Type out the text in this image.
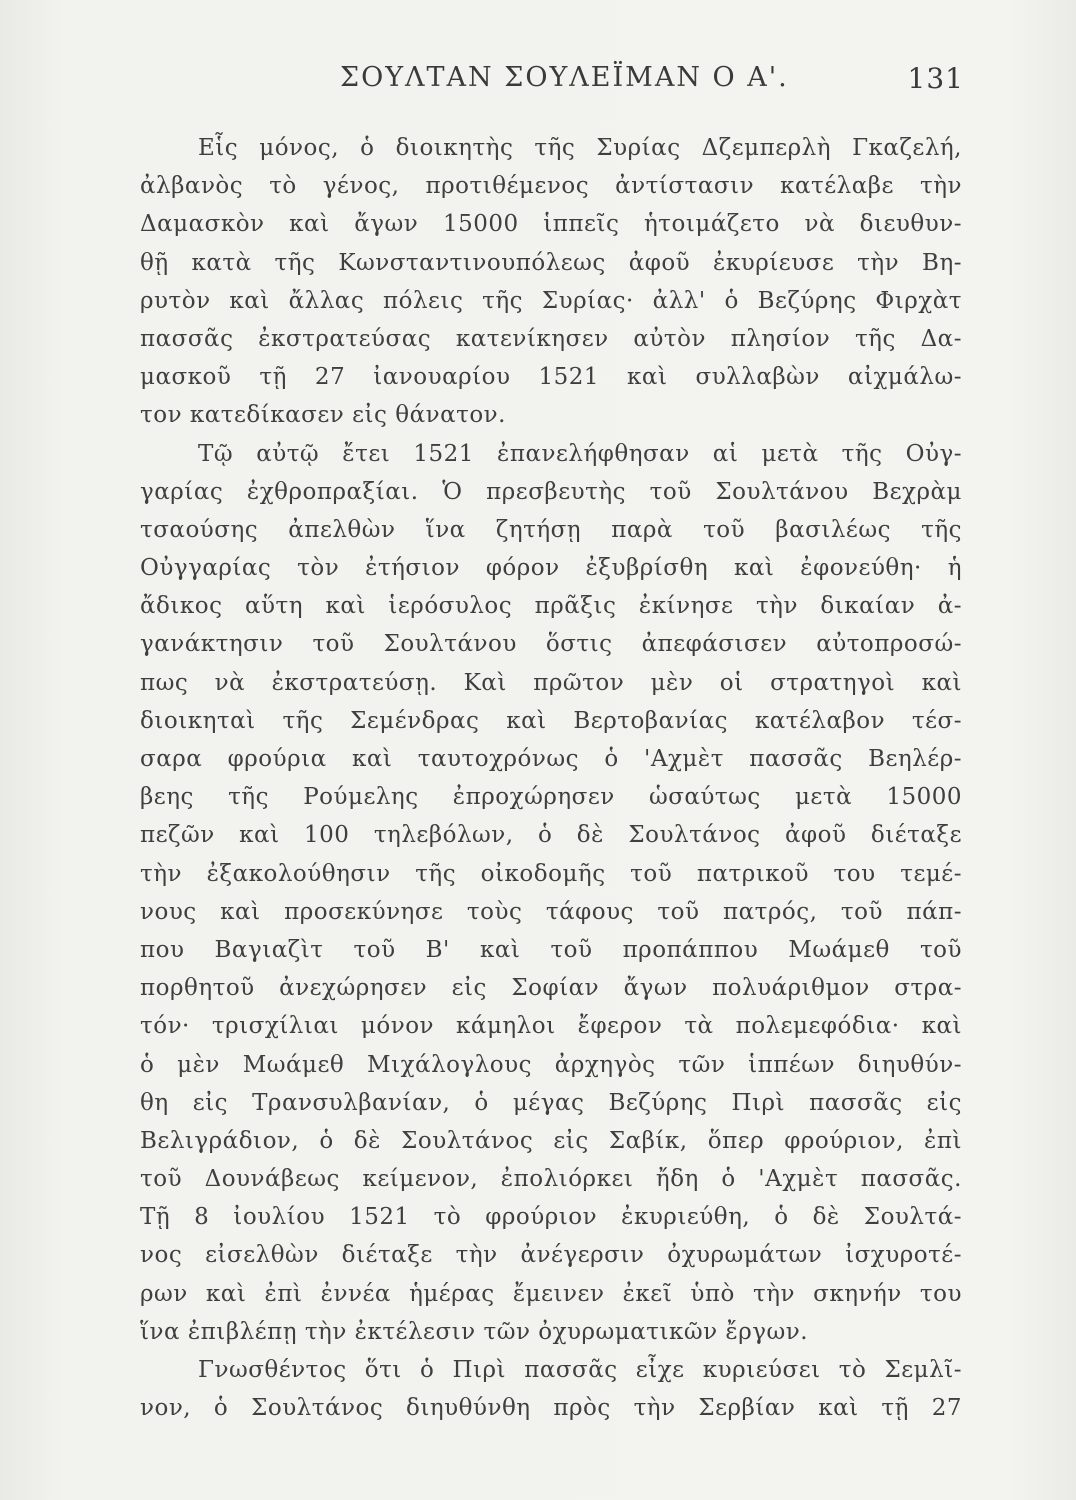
ΣΟΥΛΤΑΝ ΣΟΥΛΕΪΜΑΝ Ο Α'.	131
Εἷς μόνος, ὁ διοικητὴς τῆς Συρίας Δζεμπερλὴ Γκαζελή,
ἀλβανὸς τὸ γένος, προτιθέμενος ἀντίστασιν κατέλαβε τὴν
Δαμασκὸν καὶ ἄγων 15000 ἱππεῖς ἡτοιμάζετο νὰ διευθυν-
θῇ κατὰ τῆς Κωνσταντινουπόλεως ἀφοῦ ἐκυρίευσε τὴν Βη-
ρυτὸν καὶ ἄλλας πόλεις τῆς Συρίας· ἀλλ' ὁ Βεζύρης Φιρχὰτ
πασσᾶς ἐκστρατεύσας κατενίκησεν αὐτὸν πλησίον τῆς Δα-
μασκοῦ τῇ 27 ἰανουαρίου 1521 καὶ συλλαβὼν αἰχμάλω-
τον κατεδίκασεν εἰς θάνατον.
Τῷ αὐτῷ ἔτει 1521 ἐπανελήφθησαν αἱ μετὰ τῆς Οὐγ-
γαρίας ἐχθροπραξίαι. Ὁ πρεσβευτὴς τοῦ Σουλτάνου Βεχρὰμ
τσαούσης ἀπελθὼν ἵνα ζητήσῃ παρὰ τοῦ βασιλέως τῆς
Οὐγγαρίας τὸν ἐτήσιον φόρον ἐξυβρίσθη καὶ ἐφονεύθη· ἡ
ἄδικος αὕτη καὶ ἱερόσυλος πρᾶξις ἐκίνησε τὴν δικαίαν ἀ-
γανάκτησιν τοῦ Σουλτάνου ὅστις ἀπεφάσισεν αὐτοπροσώ-
πως νὰ ἐκστρατεύσῃ. Καὶ πρῶτον μὲν οἱ στρατηγοὶ καὶ
διοικηταὶ τῆς Σεμένδρας καὶ Βερτοβανίας κατέλαβον τέσ-
σαρα φρούρια καὶ ταυτοχρόνως ὁ 'Αχμὲτ πασσᾶς Βεηλέρ-
βεης τῆς Ρούμελης ἐπροχώρησεν ὡσαύτως μετὰ 15000
πεζῶν καὶ 100 τηλεβόλων, ὁ δὲ Σουλτάνος ἀφοῦ διέταξε
τὴν ἐξακολούθησιν τῆς οἰκοδομῆς τοῦ πατρικοῦ του τεμέ-
νους καὶ προσεκύνησε τοὺς τάφους τοῦ πατρός, τοῦ πάπ-
που Βαγιαζὶτ τοῦ Β' καὶ τοῦ προπάππου Μωάμεθ τοῦ
πορθητοῦ ἀνεχώρησεν εἰς Σοφίαν ἄγων πολυάριθμον στρα-
τόν· τρισχίλιαι μόνον κάμηλοι ἔφερον τὰ πολεμεφόδια· καὶ
ὁ μὲν Μωάμεθ Μιχάλογλους ἀρχηγὸς τῶν ἱππέων διηυθύν-
θη εἰς Τρανσυλβανίαν, ὁ μέγας Βεζύρης Πιρὶ πασσᾶς εἰς
Βελιγράδιον, ὁ δὲ Σουλτάνος εἰς Σαβίκ, ὅπερ φρούριον, ἐπὶ
τοῦ Δουνάβεως κείμενον, ἐπολιόρκει ἤδη ὁ 'Αχμὲτ πασσᾶς.
Τῇ 8 ἰουλίου 1521 τὸ φρούριον ἐκυριεύθη, ὁ δὲ Σουλτά-
νος εἰσελθὼν διέταξε τὴν ἀνέγερσιν ὀχυρωμάτων ἰσχυροτέ-
ρων καὶ ἐπὶ ἐννέα ἡμέρας ἔμεινεν ἐκεῖ ὑπὸ τὴν σκηνήν του
ἵνα ἐπιβλέπῃ τὴν ἐκτέλεσιν τῶν ὀχυρωματικῶν ἔργων.
Γνωσθέντος ὅτι ὁ Πιρὶ πασσᾶς εἶχε κυριεύσει τὸ Σεμλῖ-
νον, ὁ Σουλτάνος διηυθύνθη πρὸς τὴν Σερβίαν καὶ τῇ 27
